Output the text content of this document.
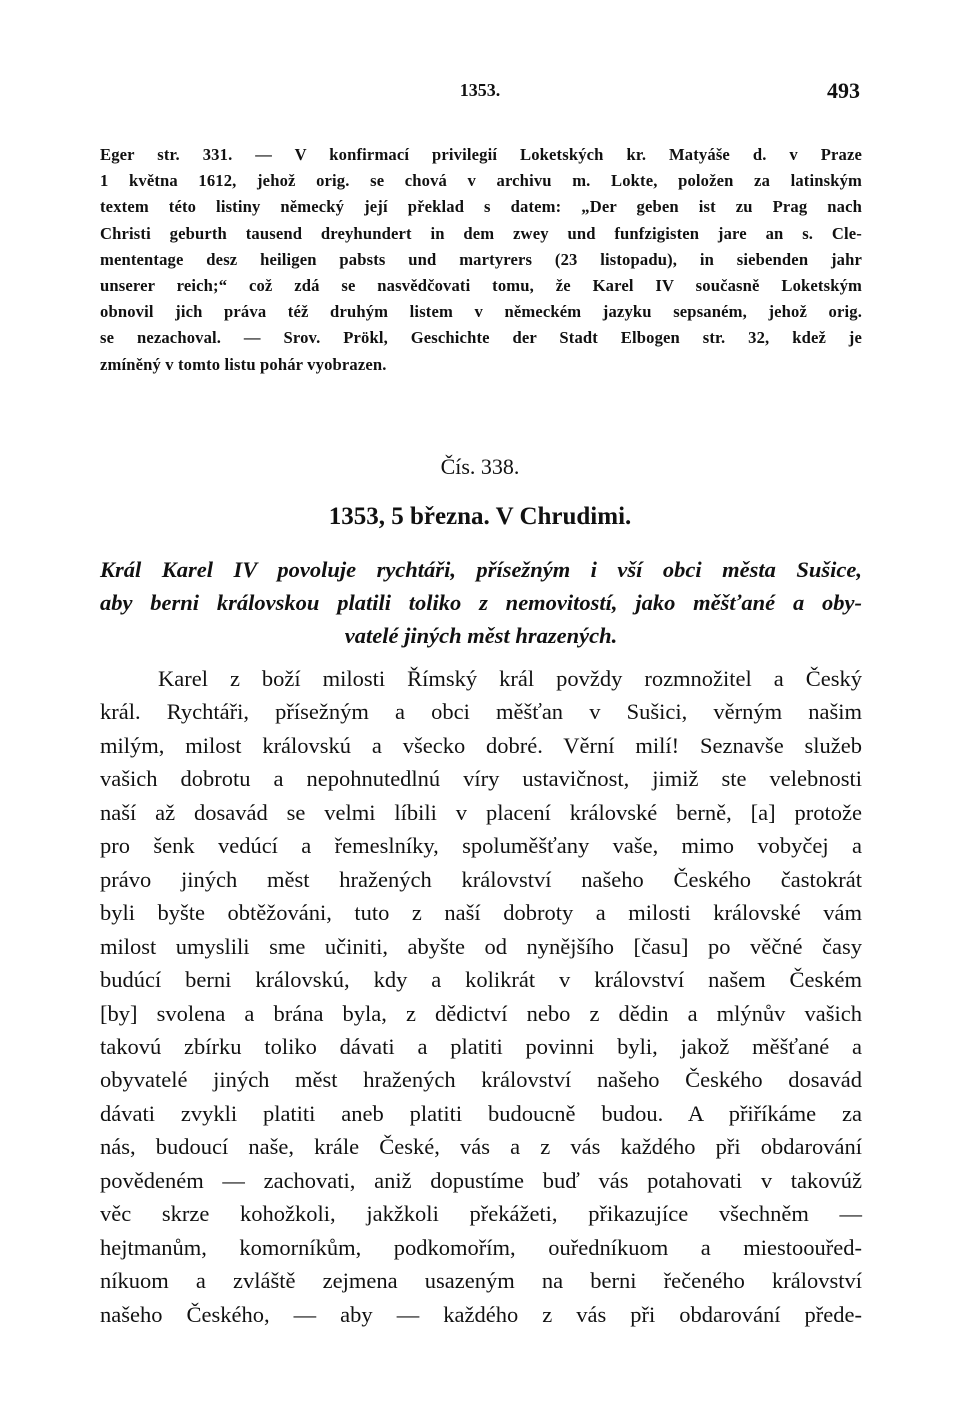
1353.	493
Eger str. 331. — V konfirmací privilegií Loketských kr. Matyáše d. v Praze
1 května 1612, jehož orig. se chová v archivu m. Lokte, položen za latinským
textem této listiny německý její překlad s datem: „Der geben ist zu Prag nach
Christi geburth tausend dreyhundert in dem zwey und funfzigisten jare an s. Cle-
mententage desz heiligen pabsts und martyrers (23 listopadu), in siebenden jahr
unserer reich;“ což zdá se nasvědčovati tomu, že Karel IV současně Loketským
obnovil jich práva též druhým listem v německém jazyku sepsaném, jehož orig.
se nezachoval. — Srov. Prökl, Geschichte der Stadt Elbogen str. 32, kdež je
zmíněný v tomto listu pohár vyobrazen.
Čís. 338.
1353, 5 března. V Chrudimi.
Král Karel IV povoluje rychtáři, přísežným i vší obci města Sušice,
aby berni královskou platili toliko z nemovitostí, jako měšťané a oby-
vatelé jiných měst hrazených.
Karel z boží milosti Římský král povždy rozmnožitel a Český
král. Rychtáři, přísežným a obci měšťan v Sušici, věrným našim
milým, milost královskú a všecko dobré. Věrní milí! Seznavše služeb
vašich dobrotu a nepohnutedlnú víry ustavičnost, jimiž ste velebnosti
naší až dosavád se velmi líbili v placení královské berně, [a] protože
pro šenk vedúcí a řemeslníky, spoluměšťany vaše, mimo vobyčej a
právo jiných měst hražených království našeho Českého častokrát
byli byšte obtěžováni, tuto z naší dobroty a milosti královské vám
milost umyslili sme učiniti, abyšte od nynějšího [času] po věčné časy
budúcí berni královskú, kdy a kolikrát v království našem Českém
[by] svolena a brána byla, z dědictví nebo z dědin a mlýnův vašich
takovú zbírku toliko dávati a platiti povinni byli, jakož měšťané a
obyvatelé jiných měst hražených království našeho Českého dosavád
dávati zvykli platiti aneb platiti budoucně budou. A přiříkáme za
nás, budoucí naše, krále České, vás a z vás každého při obdarování
povědeném — zachovati, aniž dopustíme buď vás potahovati v takovúž
věc skrze kohožkoli, jakžkoli překážeti, přikazujíce všechněm —
hejtmanům, komorníkům, podkomořím, ouředníkuom a miestoouřed-
níkuom a zvláště zejmena usazeným na berni řečeného království
našeho Českého, — aby — každého z vás při obdarování přede-
